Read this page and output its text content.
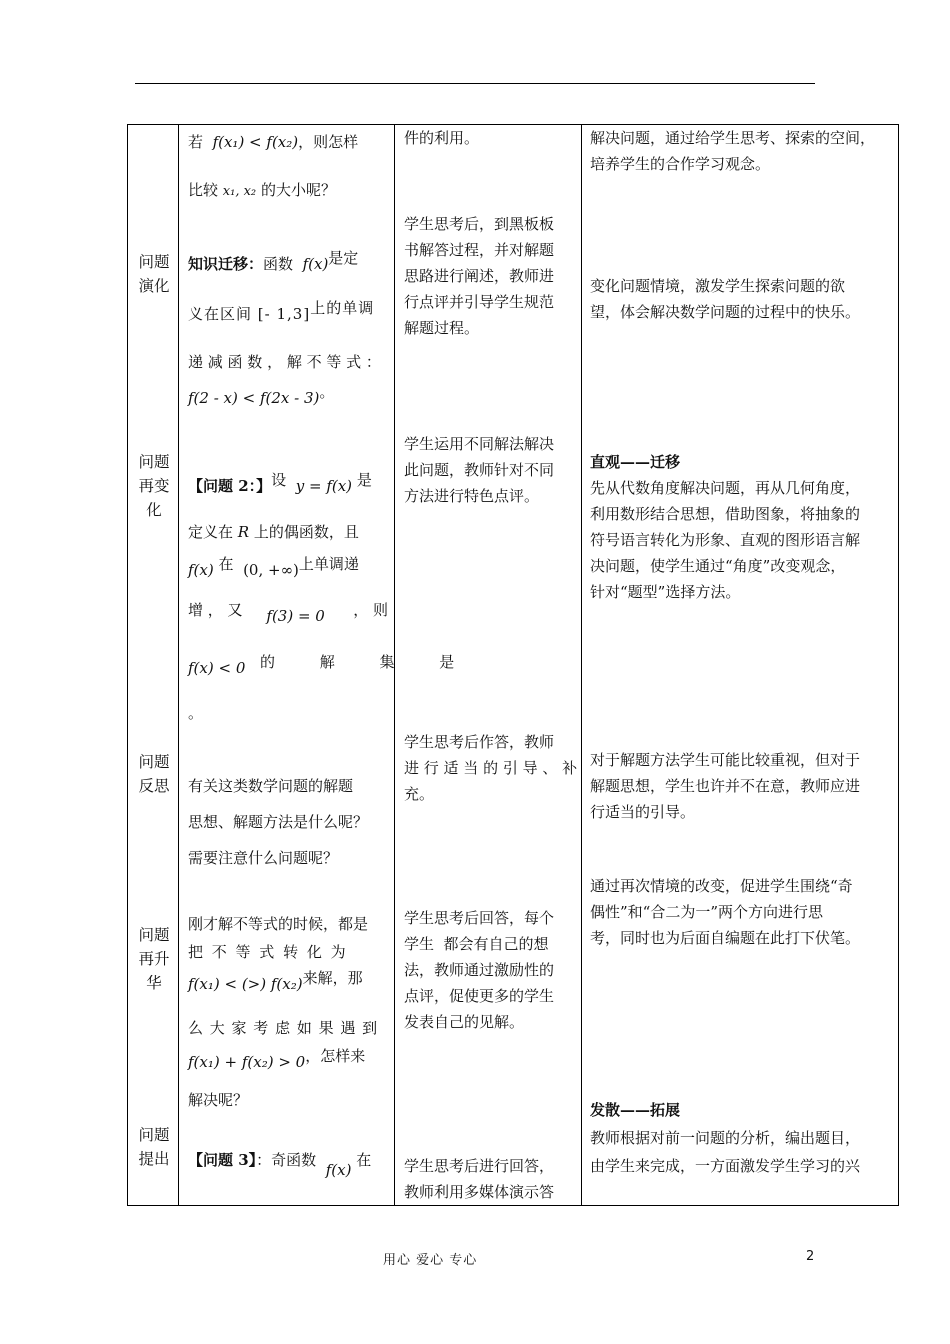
问题演化
问题再变化
问题反思
问题再升华
问题提出
若 f(x₁) < f(x₂)，则怎样
比较 x₁, x₂ 的大小呢？
知识迁移：函数 f(x)是定
义在区间 [- 1,3]上的单调
递 减 函 数 ， 解 不 等 式 ：
f(2 - x) < f(2x - 3)。
【问题 2：】设 y = f(x) 是
定义在 R 上的偶函数，且
f(x) 在 (0, +∞)上单调递
增 ， 又 f(3) = 0 ， 则
f(x) < 0 的 解 集 是
。
有关这类数学问题的解题
思想、解题方法是什么呢？
需要注意什么问题呢？
刚才解不等式的时候，都是
把 不 等 式 转 化 为
f(x₁) < (>) f(x₂)来解，那
么 大 家 考 虑 如 果 遇 到
f(x₁) + f(x₂) > 0，怎样来
解决呢？
【问题 3】：奇函数  f(x) 在
件的利用。
学生思考后，到黑板板
书解答过程，并对解题
思路进行阐述，教师进
行点评并引导学生规范
解题过程。
学生运用不同解法解决
此问题，教师针对不同
方法进行特色点评。
学生思考后作答，教师
进 行 适 当 的 引 导 、 补
充。
学生思考后回答，每个
学生  都会有自己的想
法，教师通过激励性的
点评，促使更多的学生
发表自己的见解。
学生思考后进行回答，
教师利用多媒体演示答
解决问题，通过给学生思考、探索的空间，
培养学生的合作学习观念。
变化问题情境，激发学生探索问题的欲
望，体会解决数学问题的过程中的快乐。
直观——迁移
先从代数角度解决问题，再从几何角度，
利用数形结合思想，借助图象，将抽象的
符号语言转化为形象、直观的图形语言解
决问题，使学生通过“角度”改变观念，
针对“题型”选择方法。
对于解题方法学生可能比较重视，但对于
解题思想，学生也许并不在意，教师应进
行适当的引导。
通过再次情境的改变，促进学生围绕“奇
偶性”和“合二为一”两个方向进行思
考，同时也为后面自编题在此打下伏笔。
发散——拓展
教师根据对前一问题的分析，编出题目，
由学生来完成，一方面激发学生学习的兴
用心 爱心 专心	2
